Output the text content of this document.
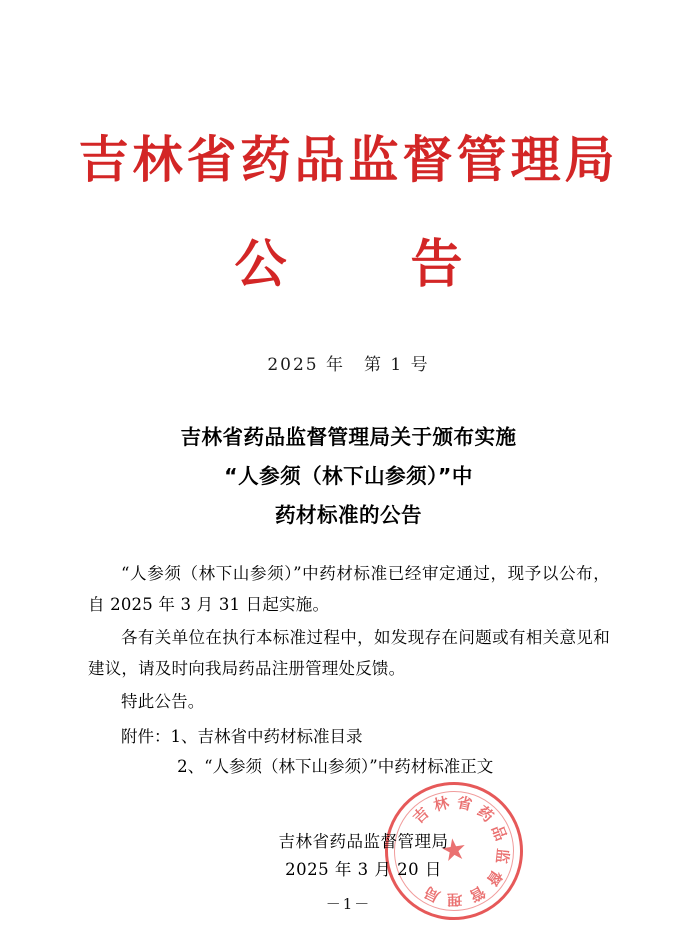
吉林省药品监督管理局
公　告
2025 年　第 1 号
吉林省药品监督管理局关于颁布实施
“人参须（林下山参须）”中
药材标准的公告

“人参须（林下山参须）”中药材标准已经审定通过，现予以公布，自 2025 年 3 月 31 日起实施。

各有关单位在执行本标准过程中，如发现存在问题或有相关意见和建议，请及时向我局药品注册管理处反馈。

特此公告。

附件：1、吉林省中药材标准目录
2、“人参须（林下山参须）”中药材标准正文
★
吉 林 省 药
品
监
督
管
理
局
吉林省药品监督管理局
2025 年 3 月 20 日
－1－
